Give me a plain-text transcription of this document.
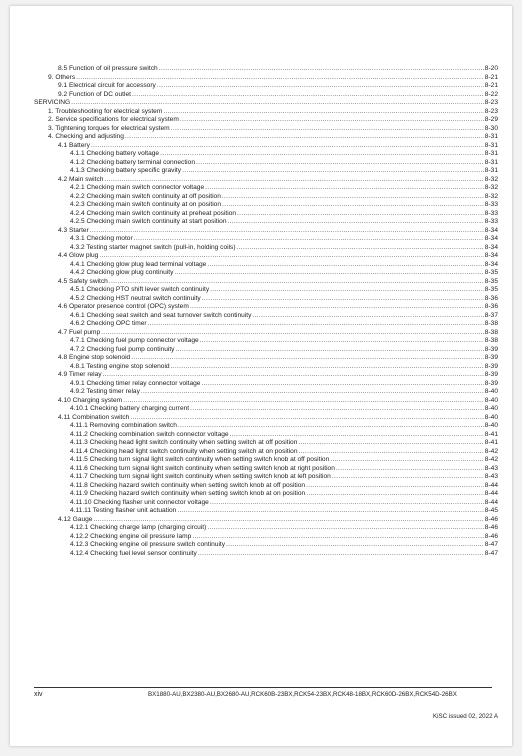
8.5 Function of oil pressure switch .....	8-20
9. Others .....	8-21
9.1 Electrical circuit for accessory .....	8-21
9.2 Function of DC outlet .....	8-22
SERVICING .....	8-23
1. Troubleshooting for electrical system .....	8-23
2. Service specifications for electrical system .....	8-29
3. Tightening torques for electrical system .....	8-30
4. Checking and adjusting .....	8-31
4.1 Battery .....	8-31
4.1.1 Checking battery voltage .....	8-31
4.1.2 Checking battery terminal connection .....	8-31
4.1.3 Checking battery specific gravity .....	8-31
4.2 Main switch .....	8-32
4.2.1 Checking main switch connector voltage .....	8-32
4.2.2 Checking main switch continuity at off position .....	8-32
4.2.3 Checking main switch continuity at on position .....	8-33
4.2.4 Checking main switch continuity at preheat position .....	8-33
4.2.5 Checking main switch continuity at start position .....	8-33
4.3 Starter .....	8-34
4.3.1 Checking motor .....	8-34
4.3.2 Testing starter magnet switch (pull-in, holding coils) .....	8-34
4.4 Glow plug .....	8-34
4.4.1 Checking glow plug lead terminal voltage .....	8-34
4.4.2 Checking glow plug continuity .....	8-35
4.5 Safety switch .....	8-35
4.5.1 Checking PTO shift lever switch continuity .....	8-35
4.5.2 Checking HST neutral switch continuity .....	8-36
4.6 Operator presence control (OPC) system .....	8-36
4.6.1 Checking seat switch and seat turnover switch continuity .....	8-37
4.6.2 Checking OPC timer .....	8-38
4.7 Fuel pump .....	8-38
4.7.1 Checking fuel pump connector voltage .....	8-38
4.7.2 Checking fuel pump continuity .....	8-39
4.8 Engine stop solenoid .....	8-39
4.8.1 Testing engine stop solenoid .....	8-39
4.9 Timer relay .....	8-39
4.9.1 Checking timer relay connector voltage .....	8-39
4.9.2 Testing timer relay .....	8-40
4.10 Charging system .....	8-40
4.10.1 Checking battery charging current .....	8-40
4.11 Combination switch .....	8-40
4.11.1 Removing combination switch .....	8-40
4.11.2 Checking combination switch connector voltage .....	8-41
4.11.3 Checking head light switch continuity when setting switch at off position .....	8-41
4.11.4 Checking head light switch continuity when setting switch at on position .....	8-42
4.11.5 Checking turn signal light switch continuity when setting switch knob at off position .....	8-42
4.11.6 Checking turn signal light switch continuity when setting switch knob at right position .....	8-43
4.11.7 Checking turn signal light switch continuity when setting switch knob at left position .....	8-43
4.11.8 Checking hazard switch continuity when setting switch knob at off position .....	8-44
4.11.9 Checking hazard switch continuity when setting switch knob at on position .....	8-44
4.11.10 Checking flasher unit connector voltage .....	8-44
4.11.11 Testing flasher unit actuation .....	8-45
4.12 Gauge .....	8-46
4.12.1 Checking charge lamp (charging circuit) .....	8-46
4.12.2 Checking engine oil pressure lamp .....	8-46
4.12.3 Checking engine oil pressure switch continuity .....	8-47
4.12.4 Checking fuel level sensor continuity .....	8-47
xiv	BX1880-AU,BX2380-AU,BX2680-AU,RCK60B-23BX,RCK54-23BX,RCK48-18BX,RCK60D-26BX,RCK54D-26BX
KiSC issued 02, 2022 A
